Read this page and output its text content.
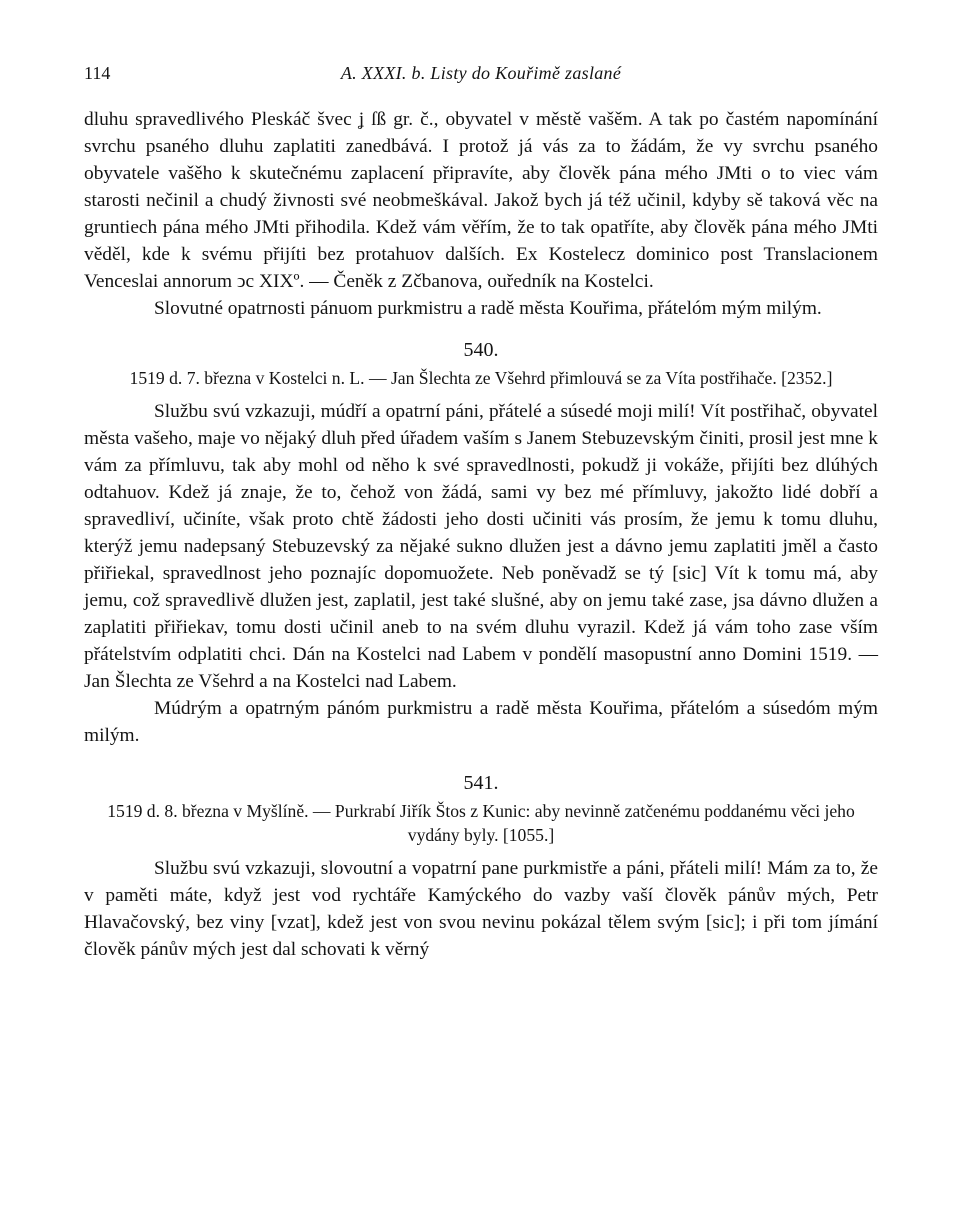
114	A. XXXI. b. Listy do Kouřimě zaslané

dluhu spravedlivého Pleskáč švec ʝ ſß gr. č., obyvatel v městě vašěm. A tak po častém napomínání svrchu psaného dluhu zaplatiti zanedbává. I protož já vás za to žádám, že vy svrchu psaného obyvatele vašěho k skutečnému zaplacení připravíte, aby člověk pána mého JMti o to viec vám starosti nečinil a chudý živnosti své neobmeškával. Jakož bych já též učinil, kdyby sě taková věc na gruntiech pána mého JMti přihodila. Kdež vám věřím, že to tak opatříte, aby člověk pána mého JMti věděl, kde k svému přijíti bez protahuov dalších. Ex Kostelecz dominico post Translacionem Venceslai annorum ͻc XIXº. — Čeněk z Zčbanova, ouředník na Kostelci.

Slovutné opatrnosti pánuom purkmistru a radě města Kouřima, přátelóm mým milým.

540.

1519 d. 7. března v Kostelci n. L. — Jan Šlechta ze Všehrd přimlouvá se za Víta postřihače. [2352.]

Službu svú vzkazuji, múdří a opatrní páni, přátelé a súsedé moji milí! Vít postřihač, obyvatel města vašeho, maje vo nějaký dluh před úřadem vaším s Janem Stebuzevským činiti, prosil jest mne k vám za přímluvu, tak aby mohl od něho k své spravedlnosti, pokudž ji vokáže, přijíti bez dlúhých odtahuov. Kdež já znaje, že to, čehož von žádá, sami vy bez mé přímluvy, jakožto lidé dobří a spravedliví, učiníte, však proto chtě žádosti jeho dosti učiniti vás prosím, že jemu k tomu dluhu, kterýž jemu nadepsaný Stebuzevský za nějaké sukno dlužen jest a dávno jemu zaplatiti jměl a často přiřiekal, spravedlnost jeho poznajíc dopomuožete. Neb poněvadž se tý [sic] Vít k tomu má, aby jemu, což spravedlivě dlužen jest, zaplatil, jest také slušné, aby on jemu také zase, jsa dávno dlužen a zaplatiti přiřiekav, tomu dosti učinil aneb to na svém dluhu vyrazil. Kdež já vám toho zase vším přátelstvím odplatiti chci. Dán na Kostelci nad Labem v pondělí masopustní anno Domini 1519. — Jan Šlechta ze Všehrd a na Kostelci nad Labem.

Múdrým a opatrným pánóm purkmistru a radě města Kouřima, přátelóm a súsedóm mým milým.

541.

1519 d. 8. března v Myšlíně. — Purkrabí Jiřík Štos z Kunic: aby nevinně zatčenému poddanému věci jeho vydány byly. [1055.]

Službu svú vzkazuji, slovoutní a vopatrní pane purkmistře a páni, přáteli milí! Mám za to, že v paměti máte, když jest vod rychtáře Kamýckého do vazby vaší člověk pánův mých, Petr Hlavačovský, bez viny [vzat], kdež jest von svou nevinu pokázal tělem svým [sic]; i při tom jímání člověk pánův mých jest dal schovati k věrný
